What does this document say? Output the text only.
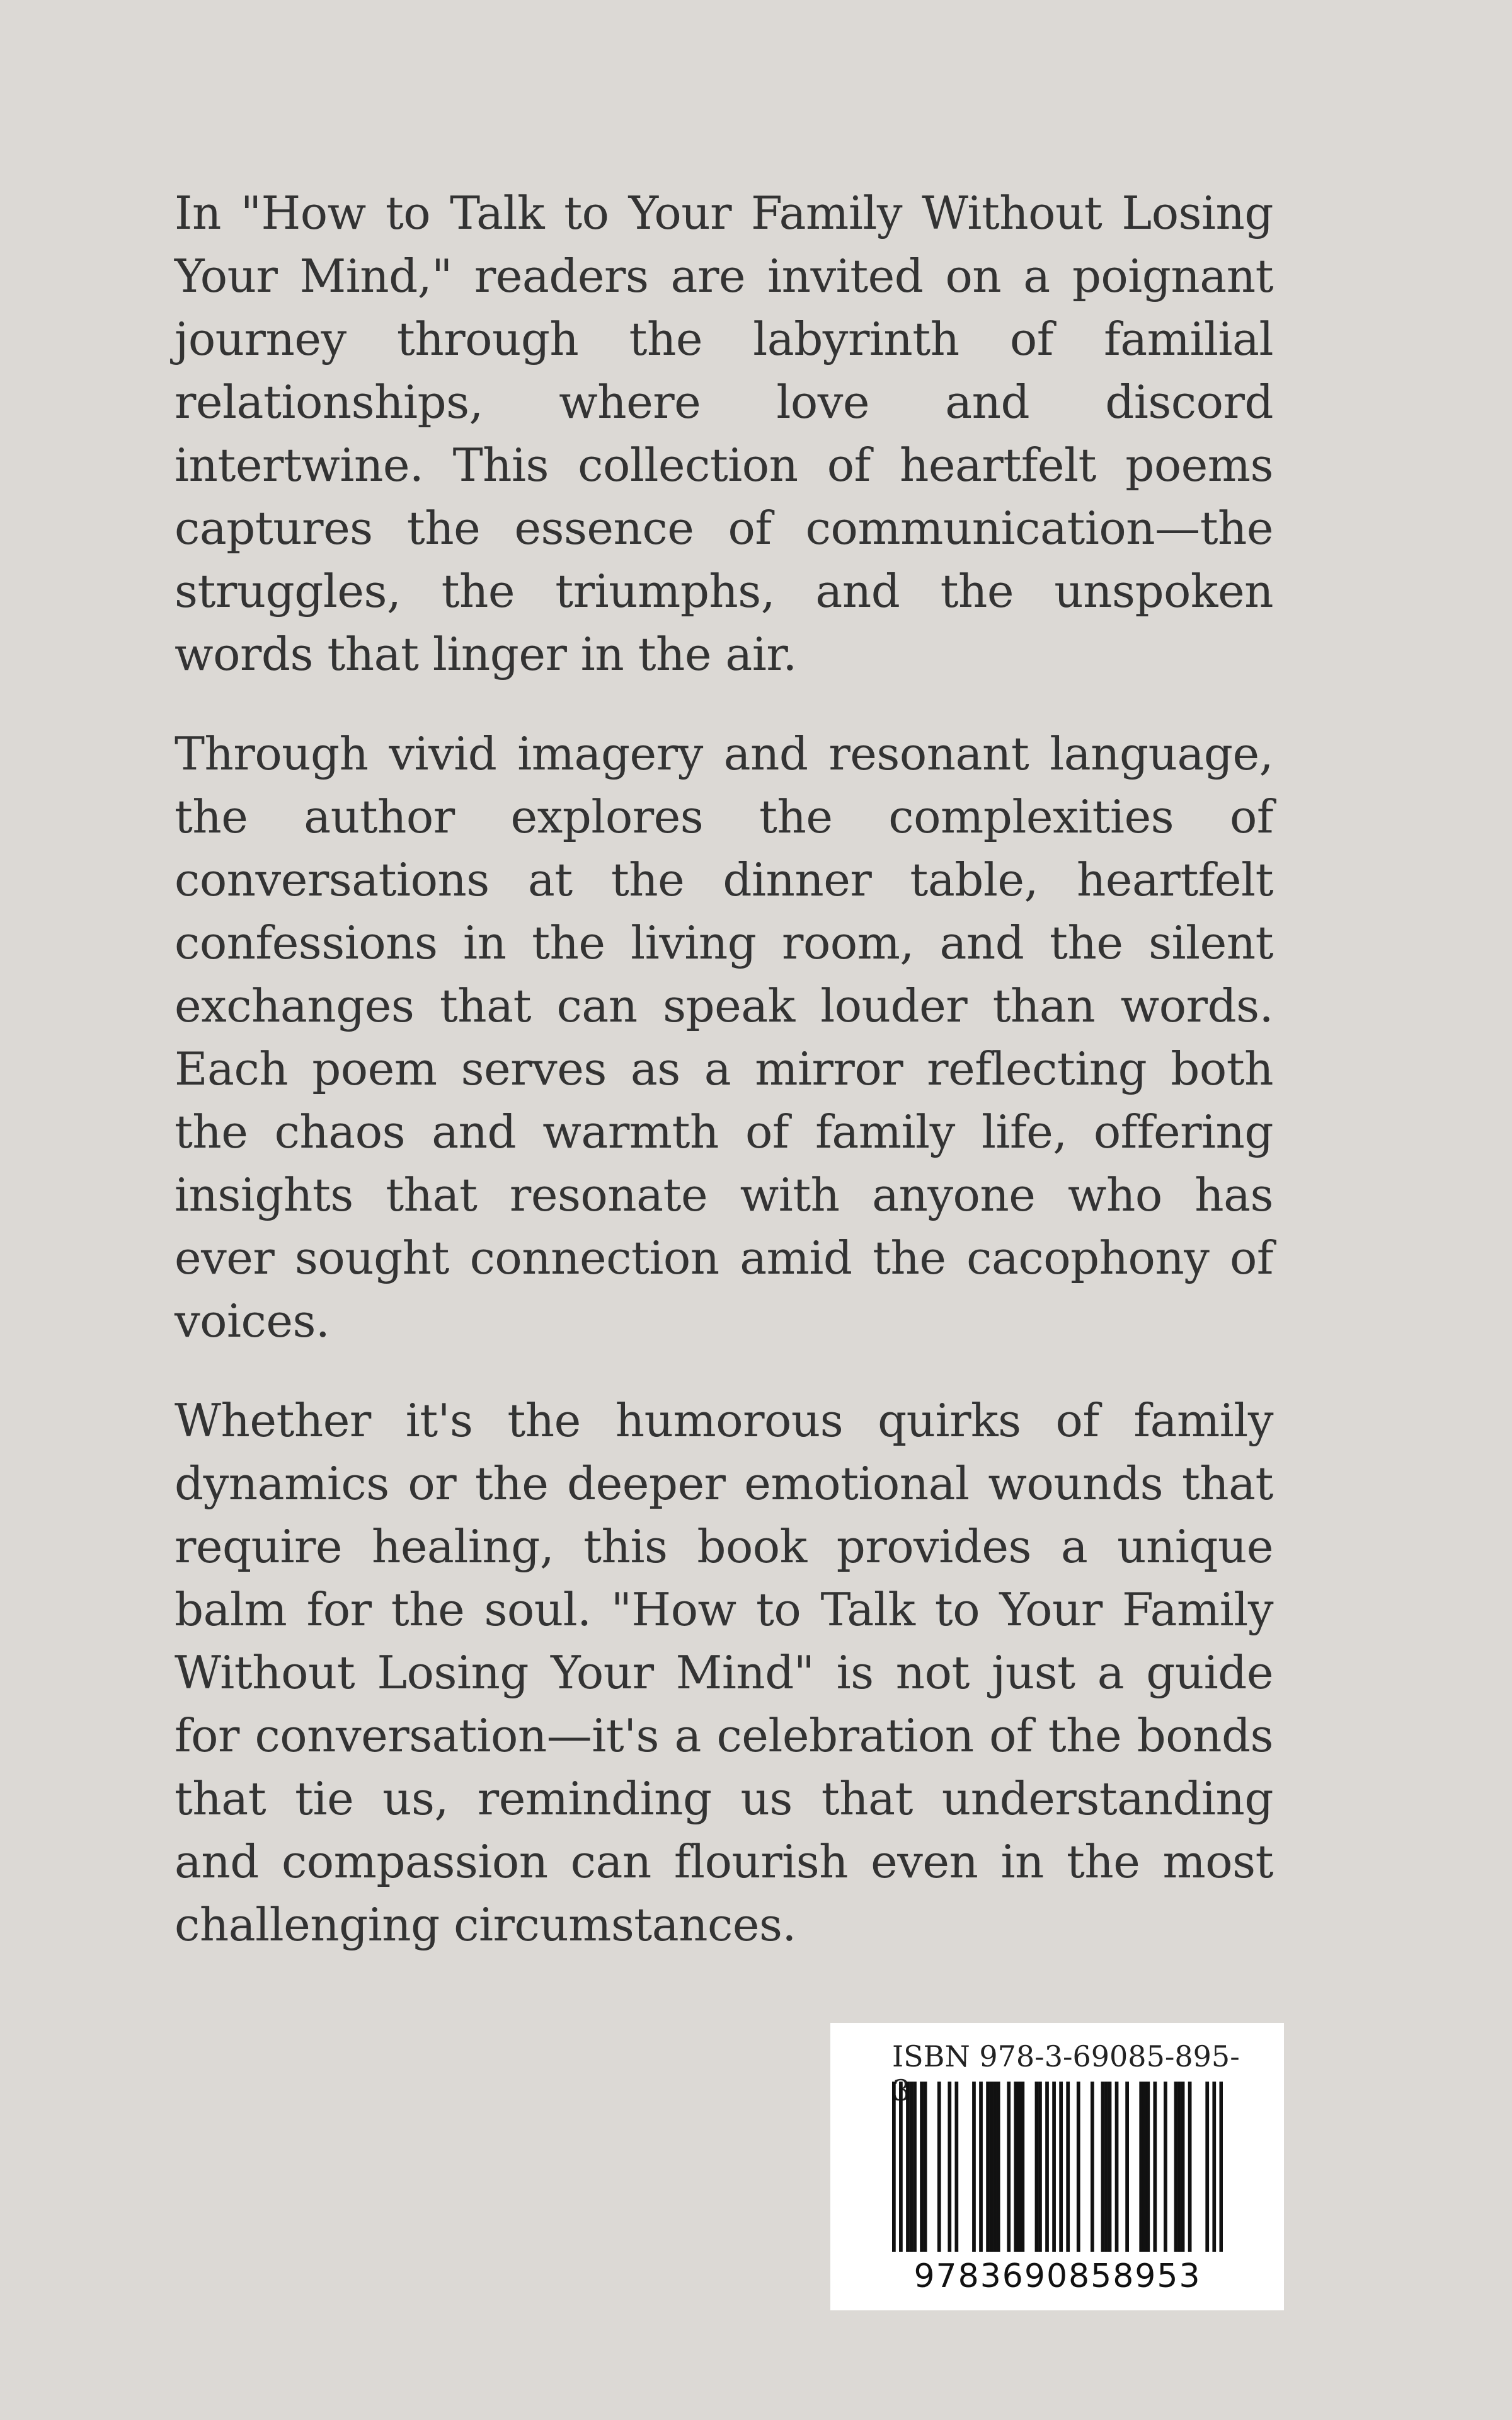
In "How to Talk to Your Family Without Losing Your Mind," readers are invited on a poignant journey through the labyrinth of familial relationships, where love and discord intertwine. This collection of heartfelt poems captures the essence of communication—the struggles, the triumphs, and the unspoken words that linger in the air.

Through vivid imagery and resonant language, the author explores the complexities of conversations at the dinner table, heartfelt confessions in the living room, and the silent exchanges that can speak louder than words. Each poem serves as a mirror reflecting both the chaos and warmth of family life, offering insights that resonate with anyone who has ever sought connection amid the cacophony of voices.

Whether it's the humorous quirks of family dynamics or the deeper emotional wounds that require healing, this book provides a unique balm for the soul. "How to Talk to Your Family Without Losing Your Mind" is not just a guide for conversation—it's a celebration of the bonds that tie us, reminding us that understanding and compassion can flourish even in the most challenging circumstances.

ISBN 978-3-69085-895-
9783690858953
